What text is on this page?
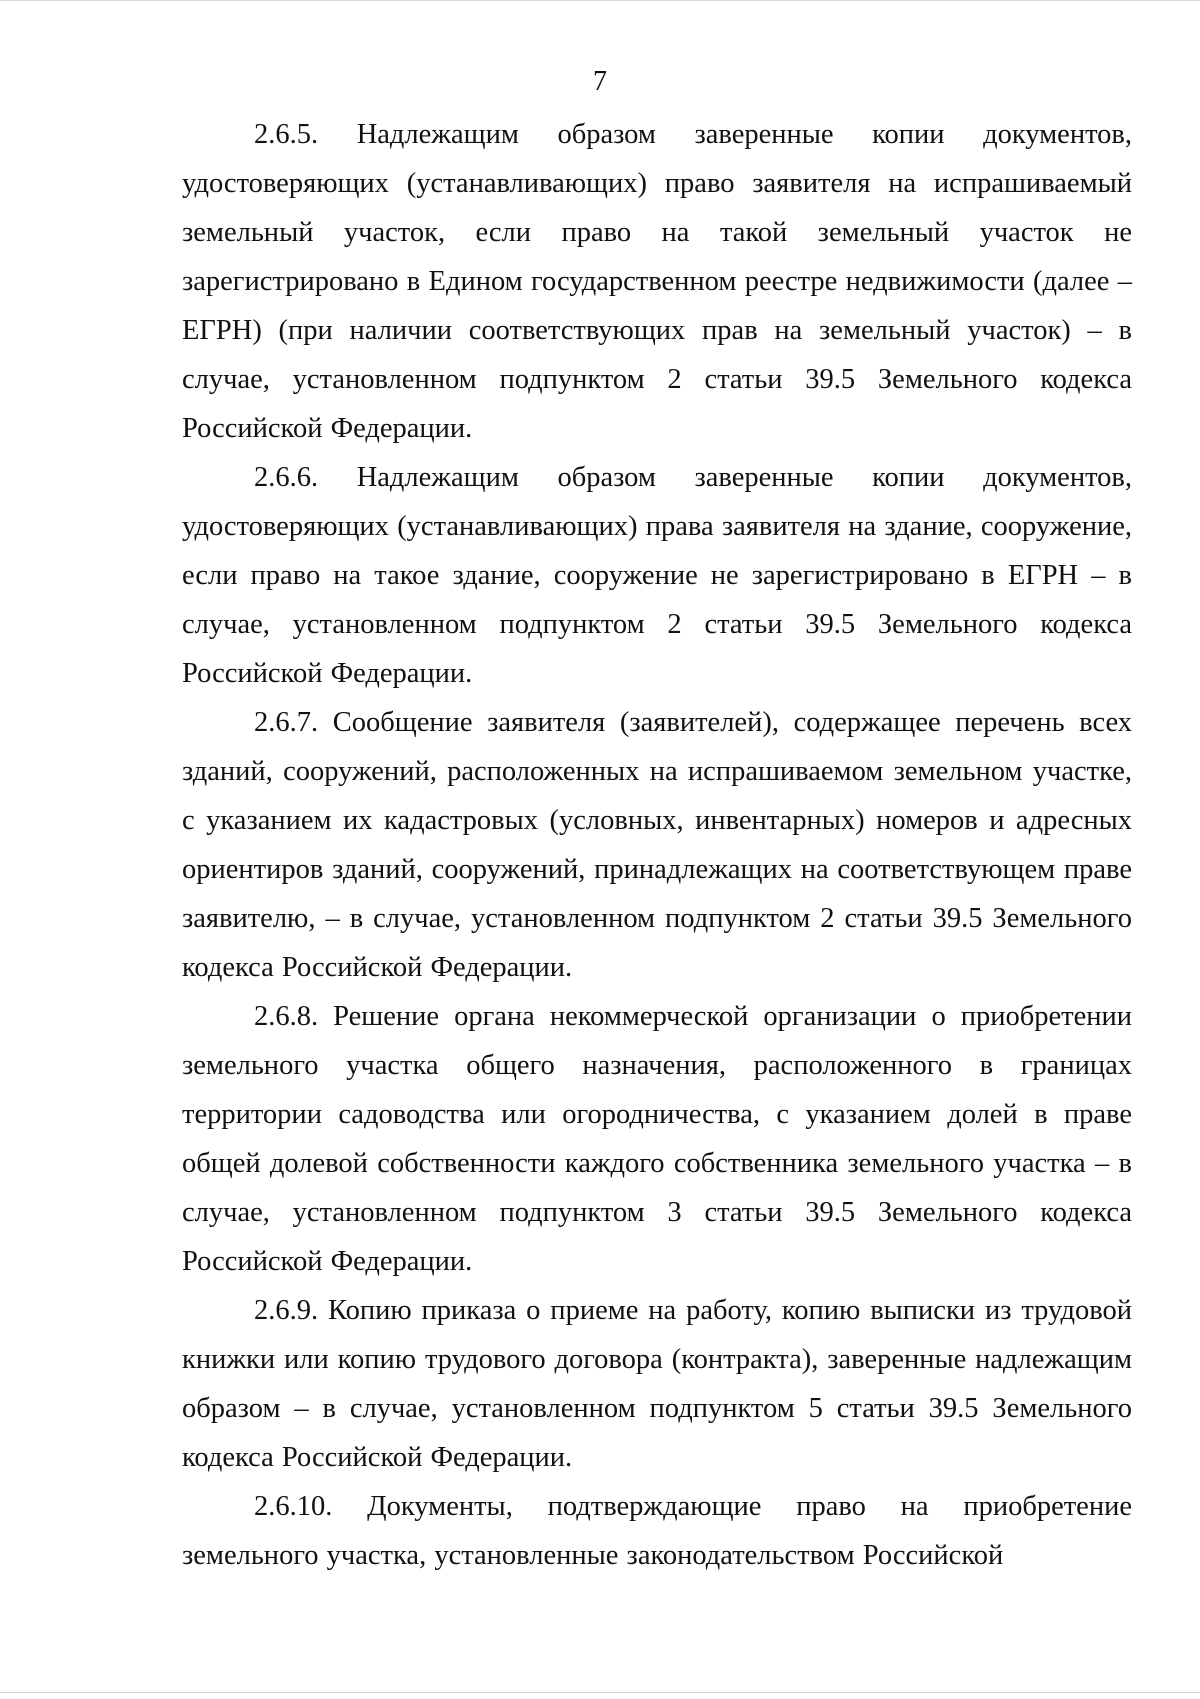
7

2.6.5. Надлежащим образом заверенные копии документов, удостоверяющих (устанавливающих) право заявителя на испрашиваемый земельный участок, если право на такой земельный участок не зарегистрировано в Едином государственном реестре недвижимости (далее – ЕГРН) (при наличии соответствующих прав на земельный участок) – в случае, установленном подпунктом 2 статьи 39.5 Земельного кодекса Российской Федерации.

2.6.6. Надлежащим образом заверенные копии документов, удостоверяющих (устанавливающих) права заявителя на здание, сооружение, если право на такое здание, сооружение не зарегистрировано в ЕГРН – в случае, установленном подпунктом 2 статьи 39.5 Земельного кодекса Российской Федерации.

2.6.7. Сообщение заявителя (заявителей), содержащее перечень всех зданий, сооружений, расположенных на испрашиваемом земельном участке, с указанием их кадастровых (условных, инвентарных) номеров и адресных ориентиров зданий, сооружений, принадлежащих на соответствующем праве заявителю, – в случае, установленном подпунктом 2 статьи 39.5 Земельного кодекса Российской Федерации.

2.6.8. Решение органа некоммерческой организации о приобретении земельного участка общего назначения, расположенного в границах территории садоводства или огородничества, с указанием долей в праве общей долевой собственности каждого собственника земельного участка – в случае, установленном подпунктом 3 статьи 39.5 Земельного кодекса Российской Федерации.

2.6.9. Копию приказа о приеме на работу, копию выписки из трудовой книжки или копию трудового договора (контракта), заверенные надлежащим образом – в случае, установленном подпунктом 5 статьи 39.5 Земельного кодекса Российской Федерации.

2.6.10. Документы, подтверждающие право на приобретение земельного участка, установленные законодательством Российской
